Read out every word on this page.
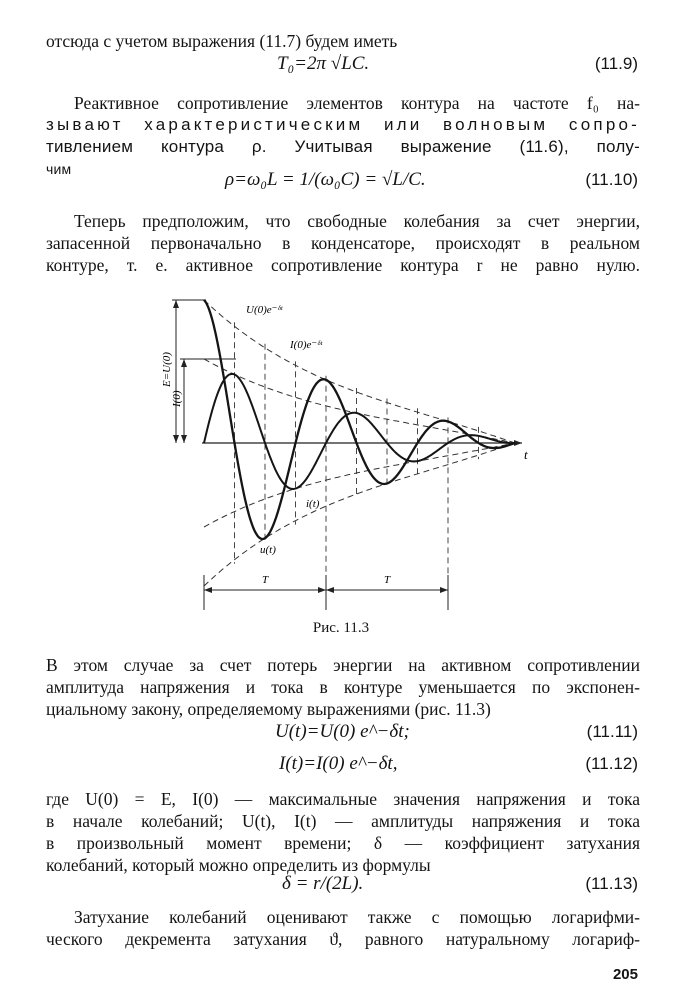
отсюда с учетом выражения (11.7) будем иметь
T₀=2π √LC.	(11.9)
Реактивное сопротивление элементов контура на частоте f₀ на-
зывают характеристическим или волновым сопро-
тивлением контура ρ. Учитывая выражение (11.6), полу-
чим	ρ=ω₀L = 1/(ω₀C) = √L/C.	(11.10)
Теперь предположим, что свободные колебания за счет энергии,
запасенной первоначально в конденсаторе, происходят в реальном
контуре, т. е. активное сопротивление контура r не равно нулю.
U(0)e⁻ᵟᵗ
I(0)e⁻ᵟᵗ
E=U(0)
I(0)
t
i(t)
u(t)
T	T
Рис. 11.3
В этом случае за счет потерь энергии на активном сопротивлении
амплитуда напряжения и тока в контуре уменьшается по экспонен-
циальному закону, определяемому выражениями (рис. 11.3)
U(t)=U(0) e^−δt;	(11.11)
I(t)=I(0) e^−δt,	(11.12)
где U(0) = E, I(0) — максимальные значения напряжения и тока
в начале колебаний; U(t), I(t) — амплитуды напряжения и тока
в произвольный момент времени; δ — коэффициент затухания
колебаний, который можно определить из формулы
δ = r/(2L).	(11.13)
Затухание колебаний оценивают также с помощью логарифми-
ческого декремента затухания ϑ, равного натуральному логариф-
205
